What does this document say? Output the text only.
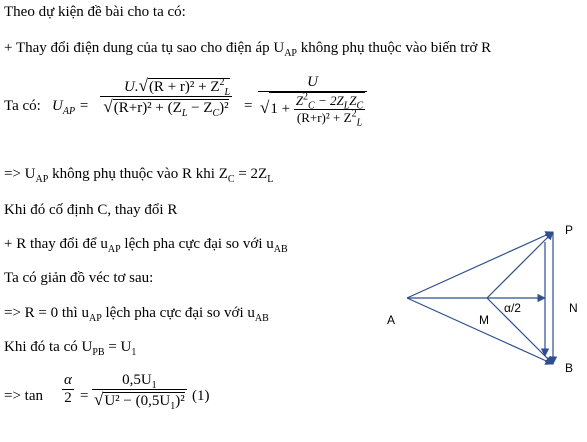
Theo dự kiện đề bài cho ta có:
+ Thay đổi điện dung của tụ sao cho điện áp $U_{AP}$ không phụ thuộc vào biến trở R
Ta có: $U_{AP} = \frac{U.√(R + r)^2 + Z^2_L}{√(R+r)^2 + (Z_L - Z_C)^2}$ =
U
$√1 + \frac{Z^2_C - 2Z_LZ_C}{(R+r)^2 + Z^2_L}$
=> $U_{AP}$ không phụ thuộc vào R khi $Z_C = 2Z_L$
Khi đó cố định C, thay đổi R
+ R thay đổi để $u_{AP}$ lệch pha cực đại so với $u_{AB}$
Ta có giản đồ véc tơ sau:
=> R = 0 thì $u_{AP}$ lệch pha cực đại so với $u_{AB}$
Khi đó ta có $U_{PB} = U_1$
=> $\tan \frac{\alpha}{2} = \frac{0,5U_1}{√U^2 - (0,5U_1)^2} (1)$
A	M
α/2	N
P
B
